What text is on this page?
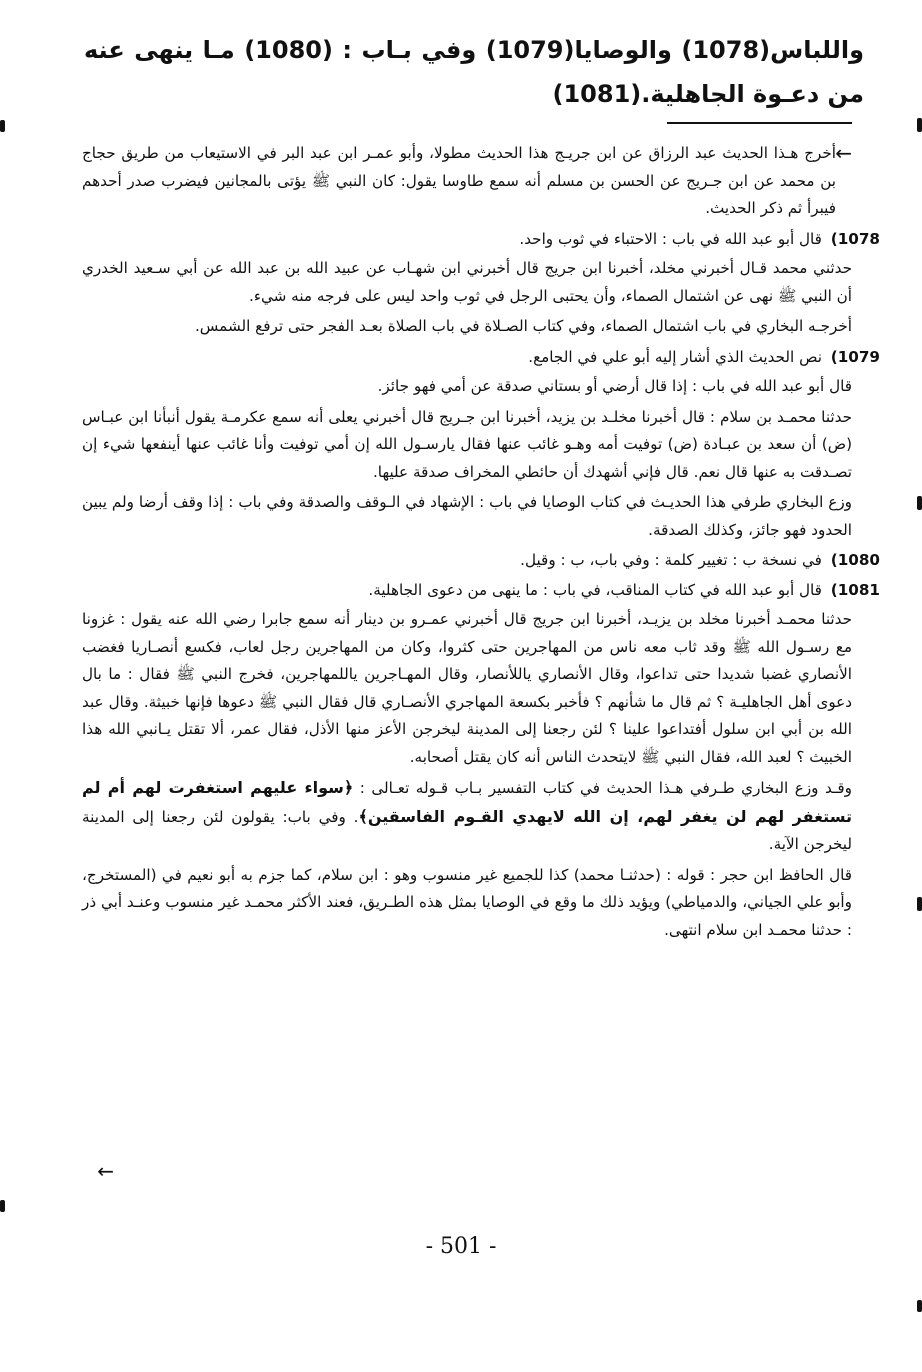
واللباس(1078) والوصايا(1079) وفي بـاب : (1080) مـا ينهى عنه من دعـوة الجاهلية.(1081)

←

أخرج هـذا الحديث عبد الرزاق عن ابن جريـج هذا الحديث مطولا، وأبو عمـر ابن عبد البر في الاستيعاب من طريق حجاج بن محمد عن ابن جـريج عن الحسن بن مسلم أنه سمع طاوسا يقول: كان النبي ﷺ يؤتى بالمجانين فيضرب صدر أحدهم فيبرأ ثم ذكر الحديث.

1078) قال أبو عبد الله في باب : الاحتباء في ثوب واحد.

حدثني محمد قـال أخبرني مخلد، أخبرنا ابن جريج قال أخبرني ابن شهـاب عن عبيد الله بن عبد الله عن أبي سـعيد الخدري أن النبي ﷺ نهى عن اشتمال الصماء، وأن يحتبى الرجل في ثوب واحد ليس على فرجه منه شيء.

أخرجـه البخاري في باب اشتمال الصماء، وفي كتاب الصـلاة في باب الصلاة بعـد الفجر حتى ترفع الشمس.

1079) نص الحديث الذي أشار إليه أبو علي في الجامع.

قال أبو عبد الله في باب : إذا قال أرضي أو بستاني صدقة عن أمي فهو جائز.

حدثنا محمـد بن سلام : قال أخبرنا مخلـد بن يزيد، أخبرنا ابن جـريج قال أخبرني يعلى أنه سمع عكرمـة يقول أنبأنا ابن عبـاس (ض) أن سعد بن عبـادة (ض) توفيت أمه وهـو غائب عنها فقال يارسـول الله إن أمي توفيت وأنا غائب عنها أينفعها شيء إن تصـدقت به عنها قال نعم. قال فإني أشهدك أن حائطي المخراف صدقة عليها.

وزع البخاري طرفي هذا الحديـث في كتاب الوصايا في باب : الإشهاد في الـوقف والصدقة وفي باب : إذا وقف أرضا ولم يبين الحدود فهو جائز، وكذلك الصدقة.

1080) في نسخة ب : تغيير كلمة : وفي باب، ب : وقيل.

1081) قال أبو عبد الله في كتاب المناقب، في باب : ما ينهى من دعوى الجاهلية.

حدثنا محمـد أخبرنا مخلد بن يزيـد، أخبرنا ابن جريج قال أخبرني عمـرو بن دينار أنه سمع جابرا رضي الله عنه يقول : غزونا مع رسـول الله ﷺ وقد ثاب معه ناس من المهاجرين حتى كثروا، وكان من المهاجرين رجل لعاب، فكسع أنصـاريا فغضب الأنصاري غضبا شديدا حتى تداعوا، وقال الأنصاري ياللأنصار، وقال المهـاجرين ياللمهاجرين، فخرج النبي ﷺ فقال : ما بال دعوى أهل الجاهليـة ؟ ثم قال ما شأنهم ؟ فأخبر بكسعة المهاجري الأنصـاري قال فقال النبي ﷺ دعوها فإنها خبيثة. وقال عبد الله بن أبي ابن سلول أفتداعوا علينا ؟ لئن رجعنا إلى المدينة ليخرجن الأعز منها الأذل، فقال عمر، ألا تقتل يـانبي الله هذا الخبيث ؟ لعبد الله، فقال النبي ﷺ لايتحدث الناس أنه كان يقتل أصحابه.

وقـد وزع البخاري طـرفي هـذا الحديث في كتاب التفسير بـاب قـوله تعـالى : ﴿سواء عليهم استغفرت لهم أم لم تستغفر لهم لن يغفر لهم، إن الله لايهدي القـوم الفاسقين﴾. وفي باب: يقولون لئن رجعنا إلى المدينة ليخرجن الآية.

قال الحافظ ابن حجر : قوله : (حدثنـا محمد) كذا للجميع غير منسوب وهو : ابن سلام، كما جزم به أبو نعيم في (المستخرج، وأبو علي الجياني، والدمياطي) ويؤيد ذلك ما وقع في الوصايا بمثل هذه الطـريق، فعند الأكثر محمـد غير منسوب وعنـد أبي ذر : حدثنا محمـد ابن سلام انتهى.

←
- 501 -
